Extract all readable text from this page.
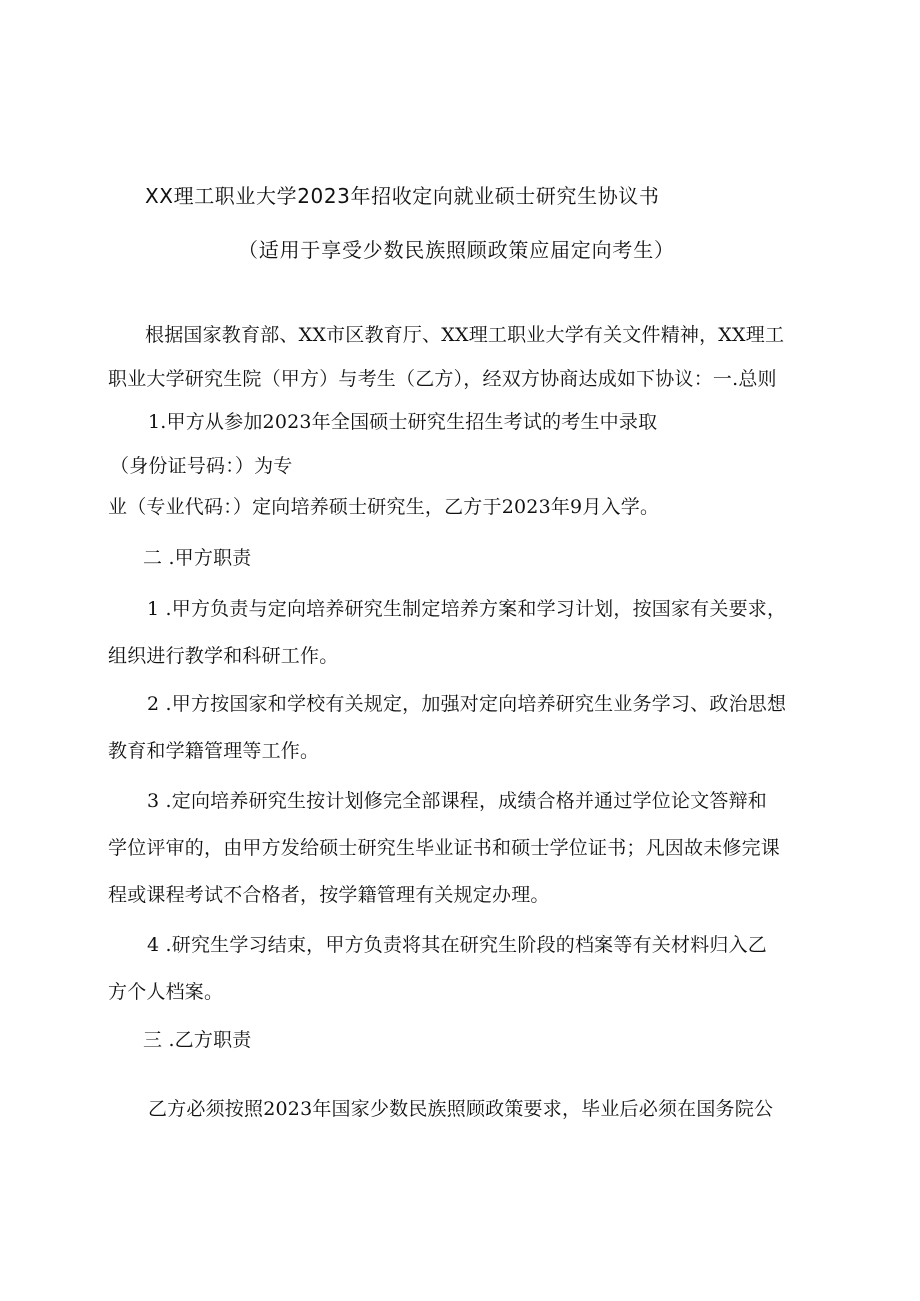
XX理工职业大学2023年招收定向就业硕士研究生协议书
（适用于享受少数民族照顾政策应届定向考生）
根据国家教育部、XX市区教育厅、XX理工职业大学有关文件精神，XX理工
职业大学研究生院（甲方）与考生（乙方），经双方协商达成如下协议：一.总则
1.甲方从参加2023年全国硕士研究生招生考试的考生中录取
（身份证号码：）为专
业（专业代码：）定向培养硕士研究生，乙方于2023年9月入学。
二 .甲方职责
1 .甲方负责与定向培养研究生制定培养方案和学习计划，按国家有关要求，
组织进行教学和科研工作。
2 .甲方按国家和学校有关规定，加强对定向培养研究生业务学习、政治思想
教育和学籍管理等工作。
3 .定向培养研究生按计划修完全部课程，成绩合格并通过学位论文答辩和
学位评审的，由甲方发给硕士研究生毕业证书和硕士学位证书；凡因故未修完课
程或课程考试不合格者，按学籍管理有关规定办理。
4 .研究生学习结束，甲方负责将其在研究生阶段的档案等有关材料归入乙
方个人档案。
三 .乙方职责
乙方必须按照2023年国家少数民族照顾政策要求，毕业后必须在国务院公
